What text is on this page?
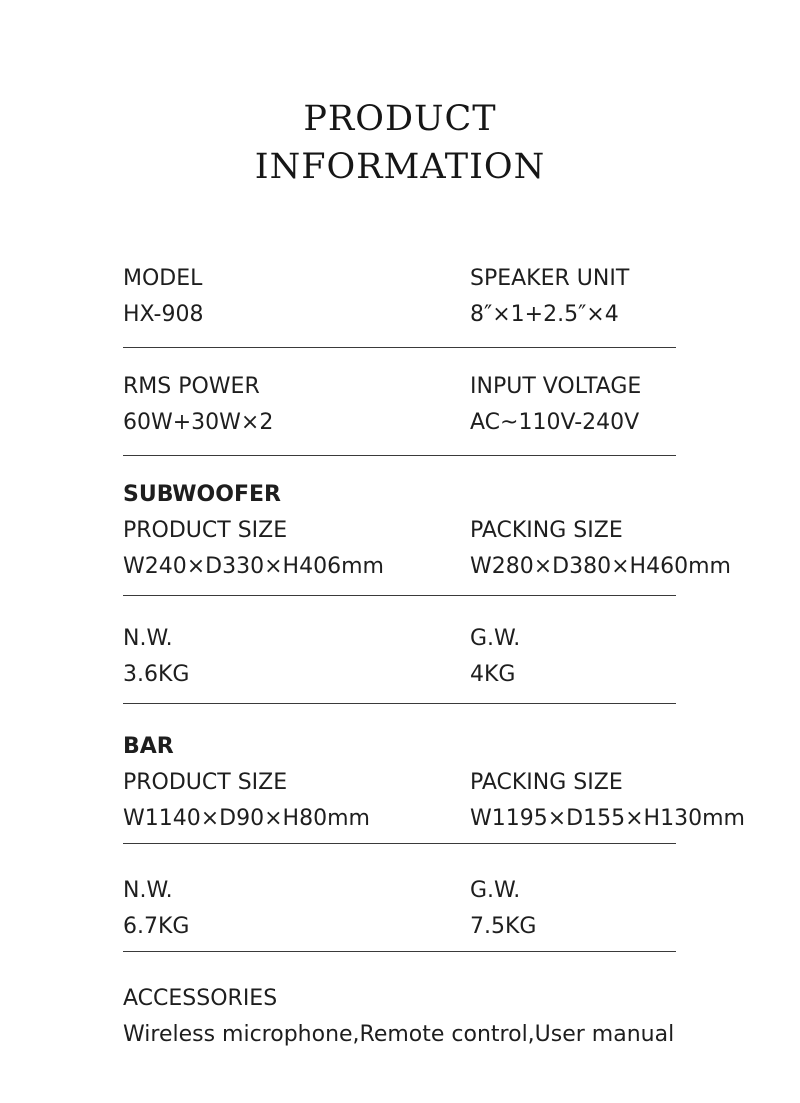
PRODUCT
INFORMATION
MODEL
HX-908
SPEAKER UNIT
8″×1+2.5″×4
RMS POWER
60W+30W×2
INPUT VOLTAGE
AC~110V-240V
SUBWOOFER
PRODUCT SIZE
W240×D330×H406mm
PACKING SIZE
W280×D380×H460mm
N.W.
3.6KG
G.W.
4KG
BAR
PRODUCT SIZE
W1140×D90×H80mm
PACKING SIZE
W1195×D155×H130mm
N.W.
6.7KG
G.W.
7.5KG
ACCESSORIES
Wireless microphone,Remote control,User manual
